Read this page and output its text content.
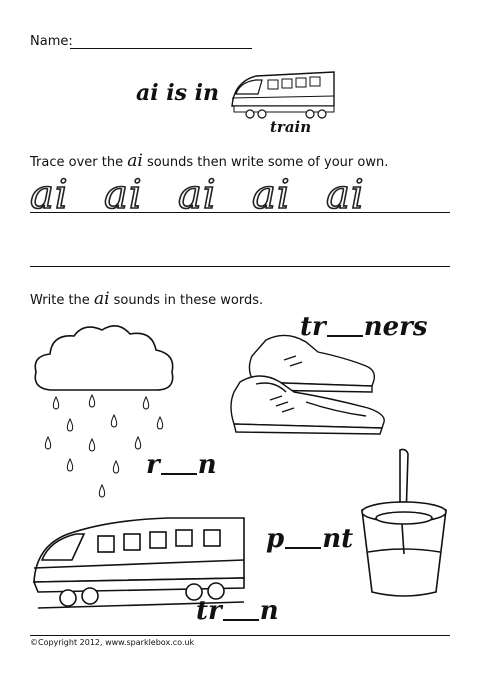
Name:
ai is in
train
Trace over the ai sounds then write some of your own.
ai ai ai ai ai
Write the ai sounds in these words.
tr ners
r n
p nt
tr n
©Copyright 2012, www.sparklebox.co.uk
